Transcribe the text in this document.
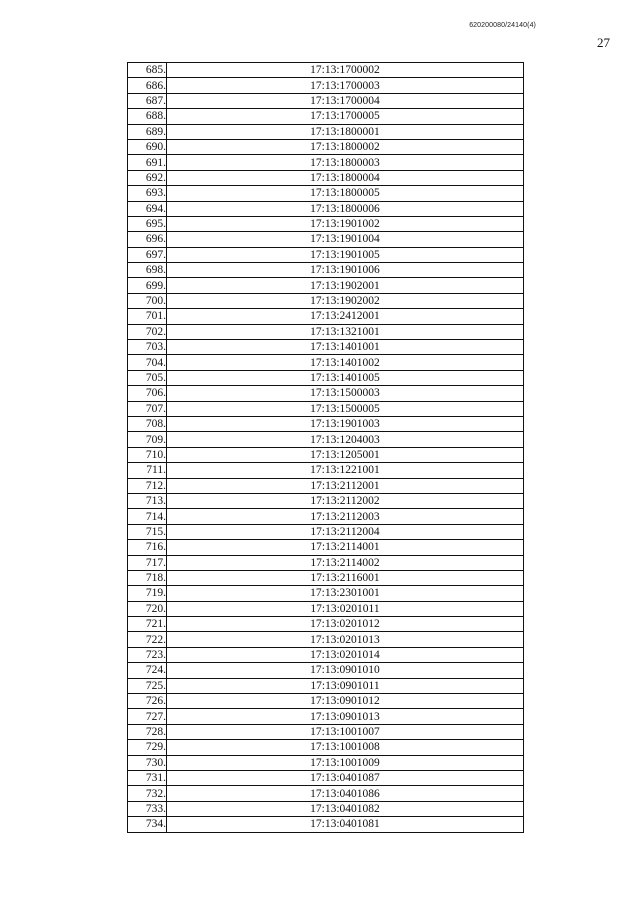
620200080/24140(4)
27
685.	17:13:1700002
686.	17:13:1700003
687.	17:13:1700004
688.	17:13:1700005
689.	17:13:1800001
690.	17:13:1800002
691.	17:13:1800003
692.	17:13:1800004
693.	17:13:1800005
694.	17:13:1800006
695.	17:13:1901002
696.	17:13:1901004
697.	17:13:1901005
698.	17:13:1901006
699.	17:13:1902001
700.	17:13:1902002
701.	17:13:2412001
702.	17:13:1321001
703.	17:13:1401001
704.	17:13:1401002
705.	17:13:1401005
706.	17:13:1500003
707.	17:13:1500005
708.	17:13:1901003
709.	17:13:1204003
710.	17:13:1205001
711.	17:13:1221001
712.	17:13:2112001
713.	17:13:2112002
714.	17:13:2112003
715.	17:13:2112004
716.	17:13:2114001
717.	17:13:2114002
718.	17:13:2116001
719.	17:13:2301001
720.	17:13:0201011
721.	17:13:0201012
722.	17:13:0201013
723.	17:13:0201014
724.	17:13:0901010
725.	17:13:0901011
726.	17:13:0901012
727.	17:13:0901013
728.	17:13:1001007
729.	17:13:1001008
730.	17:13:1001009
731.	17:13:0401087
732.	17:13:0401086
733.	17:13:0401082
734.	17:13:0401081
